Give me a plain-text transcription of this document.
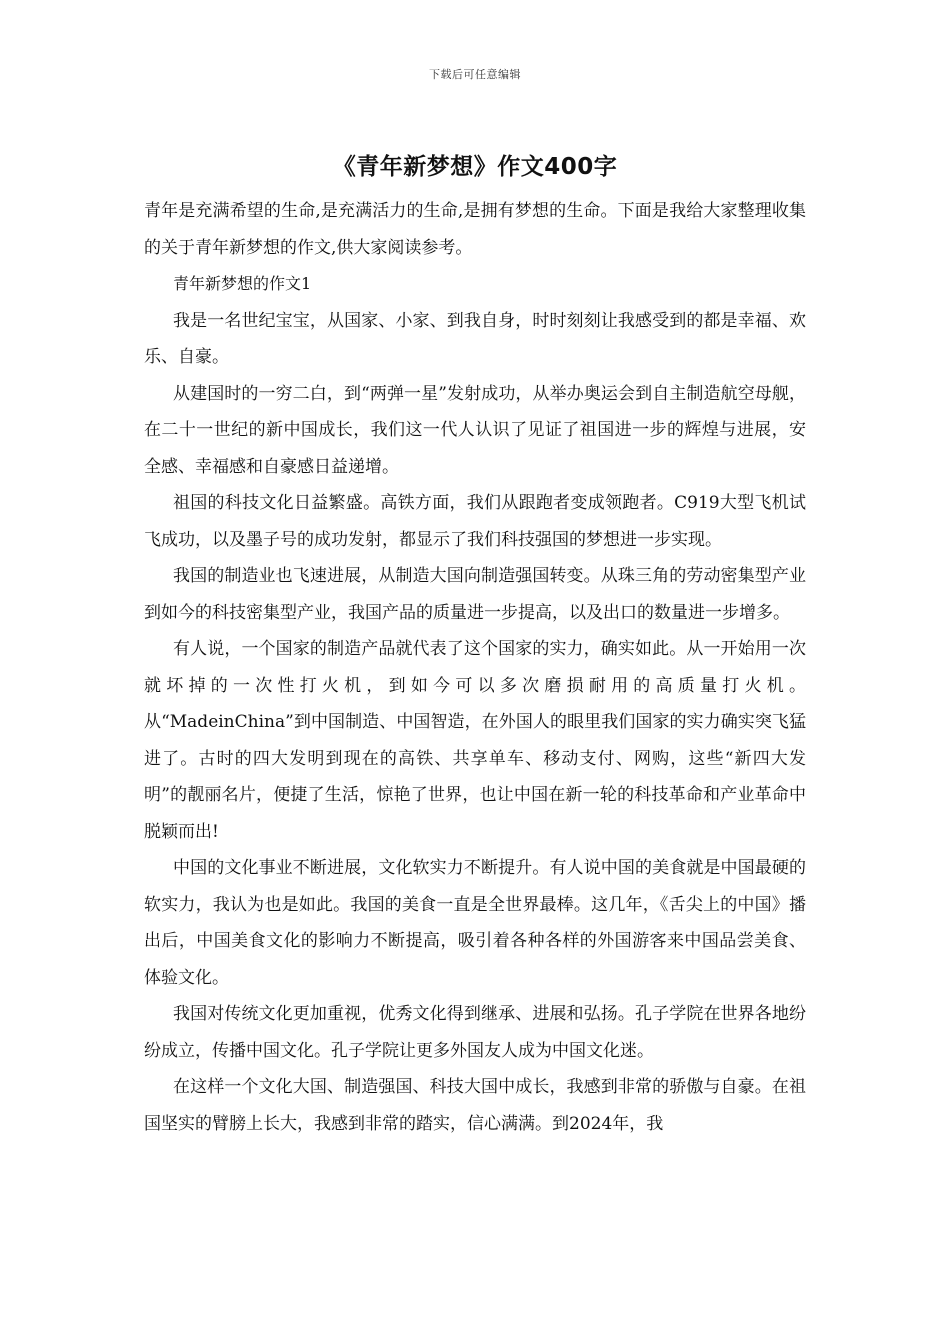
下载后可任意编辑
《青年新梦想》作文400字

青年是充满希望的生命,是充满活力的生命,是拥有梦想的生命。下面是我给大家整理收集的关于青年新梦想的作文,供大家阅读参考。

青年新梦想的作文1

我是一名世纪宝宝，从国家、小家、到我自身，时时刻刻让我感受到的都是幸福、欢乐、自豪。

从建国时的一穷二白，到“两弹一星”发射成功，从举办奥运会到自主制造航空母舰，在二十一世纪的新中国成长，我们这一代人认识了见证了祖国进一步的辉煌与进展，安全感、幸福感和自豪感日益递增。

祖国的科技文化日益繁盛。高铁方面，我们从跟跑者变成领跑者。C919大型飞机试飞成功，以及墨子号的成功发射，都显示了我们科技强国的梦想进一步实现。

我国的制造业也飞速进展，从制造大国向制造强国转变。从珠三角的劳动密集型产业到如今的科技密集型产业，我国产品的质量进一步提高，以及出口的数量进一步增多。

有人说，一个国家的制造产品就代表了这个国家的实力，确实如此。从一开始用一次就坏掉的一次性打火机，到如今可以多次磨损耐用的高质量打火机。从“MadeinChina”到中国制造、中国智造，在外国人的眼里我们国家的实力确实突飞猛进了。古时的四大发明到现在的高铁、共享单车、移动支付、网购，这些“新四大发明”的靓丽名片，便捷了生活，惊艳了世界，也让中国在新一轮的科技革命和产业革命中脱颖而出!

中国的文化事业不断进展，文化软实力不断提升。有人说中国的美食就是中国最硬的软实力，我认为也是如此。我国的美食一直是全世界最棒。这几年，《舌尖上的中国》播出后，中国美食文化的影响力不断提高，吸引着各种各样的外国游客来中国品尝美食、体验文化。

我国对传统文化更加重视，优秀文化得到继承、进展和弘扬。孔子学院在世界各地纷纷成立，传播中国文化。孔子学院让更多外国友人成为中国文化迷。

在这样一个文化大国、制造强国、科技大国中成长，我感到非常的骄傲与自豪。在祖国坚实的臂膀上长大，我感到非常的踏实，信心满满。到2024年，我
